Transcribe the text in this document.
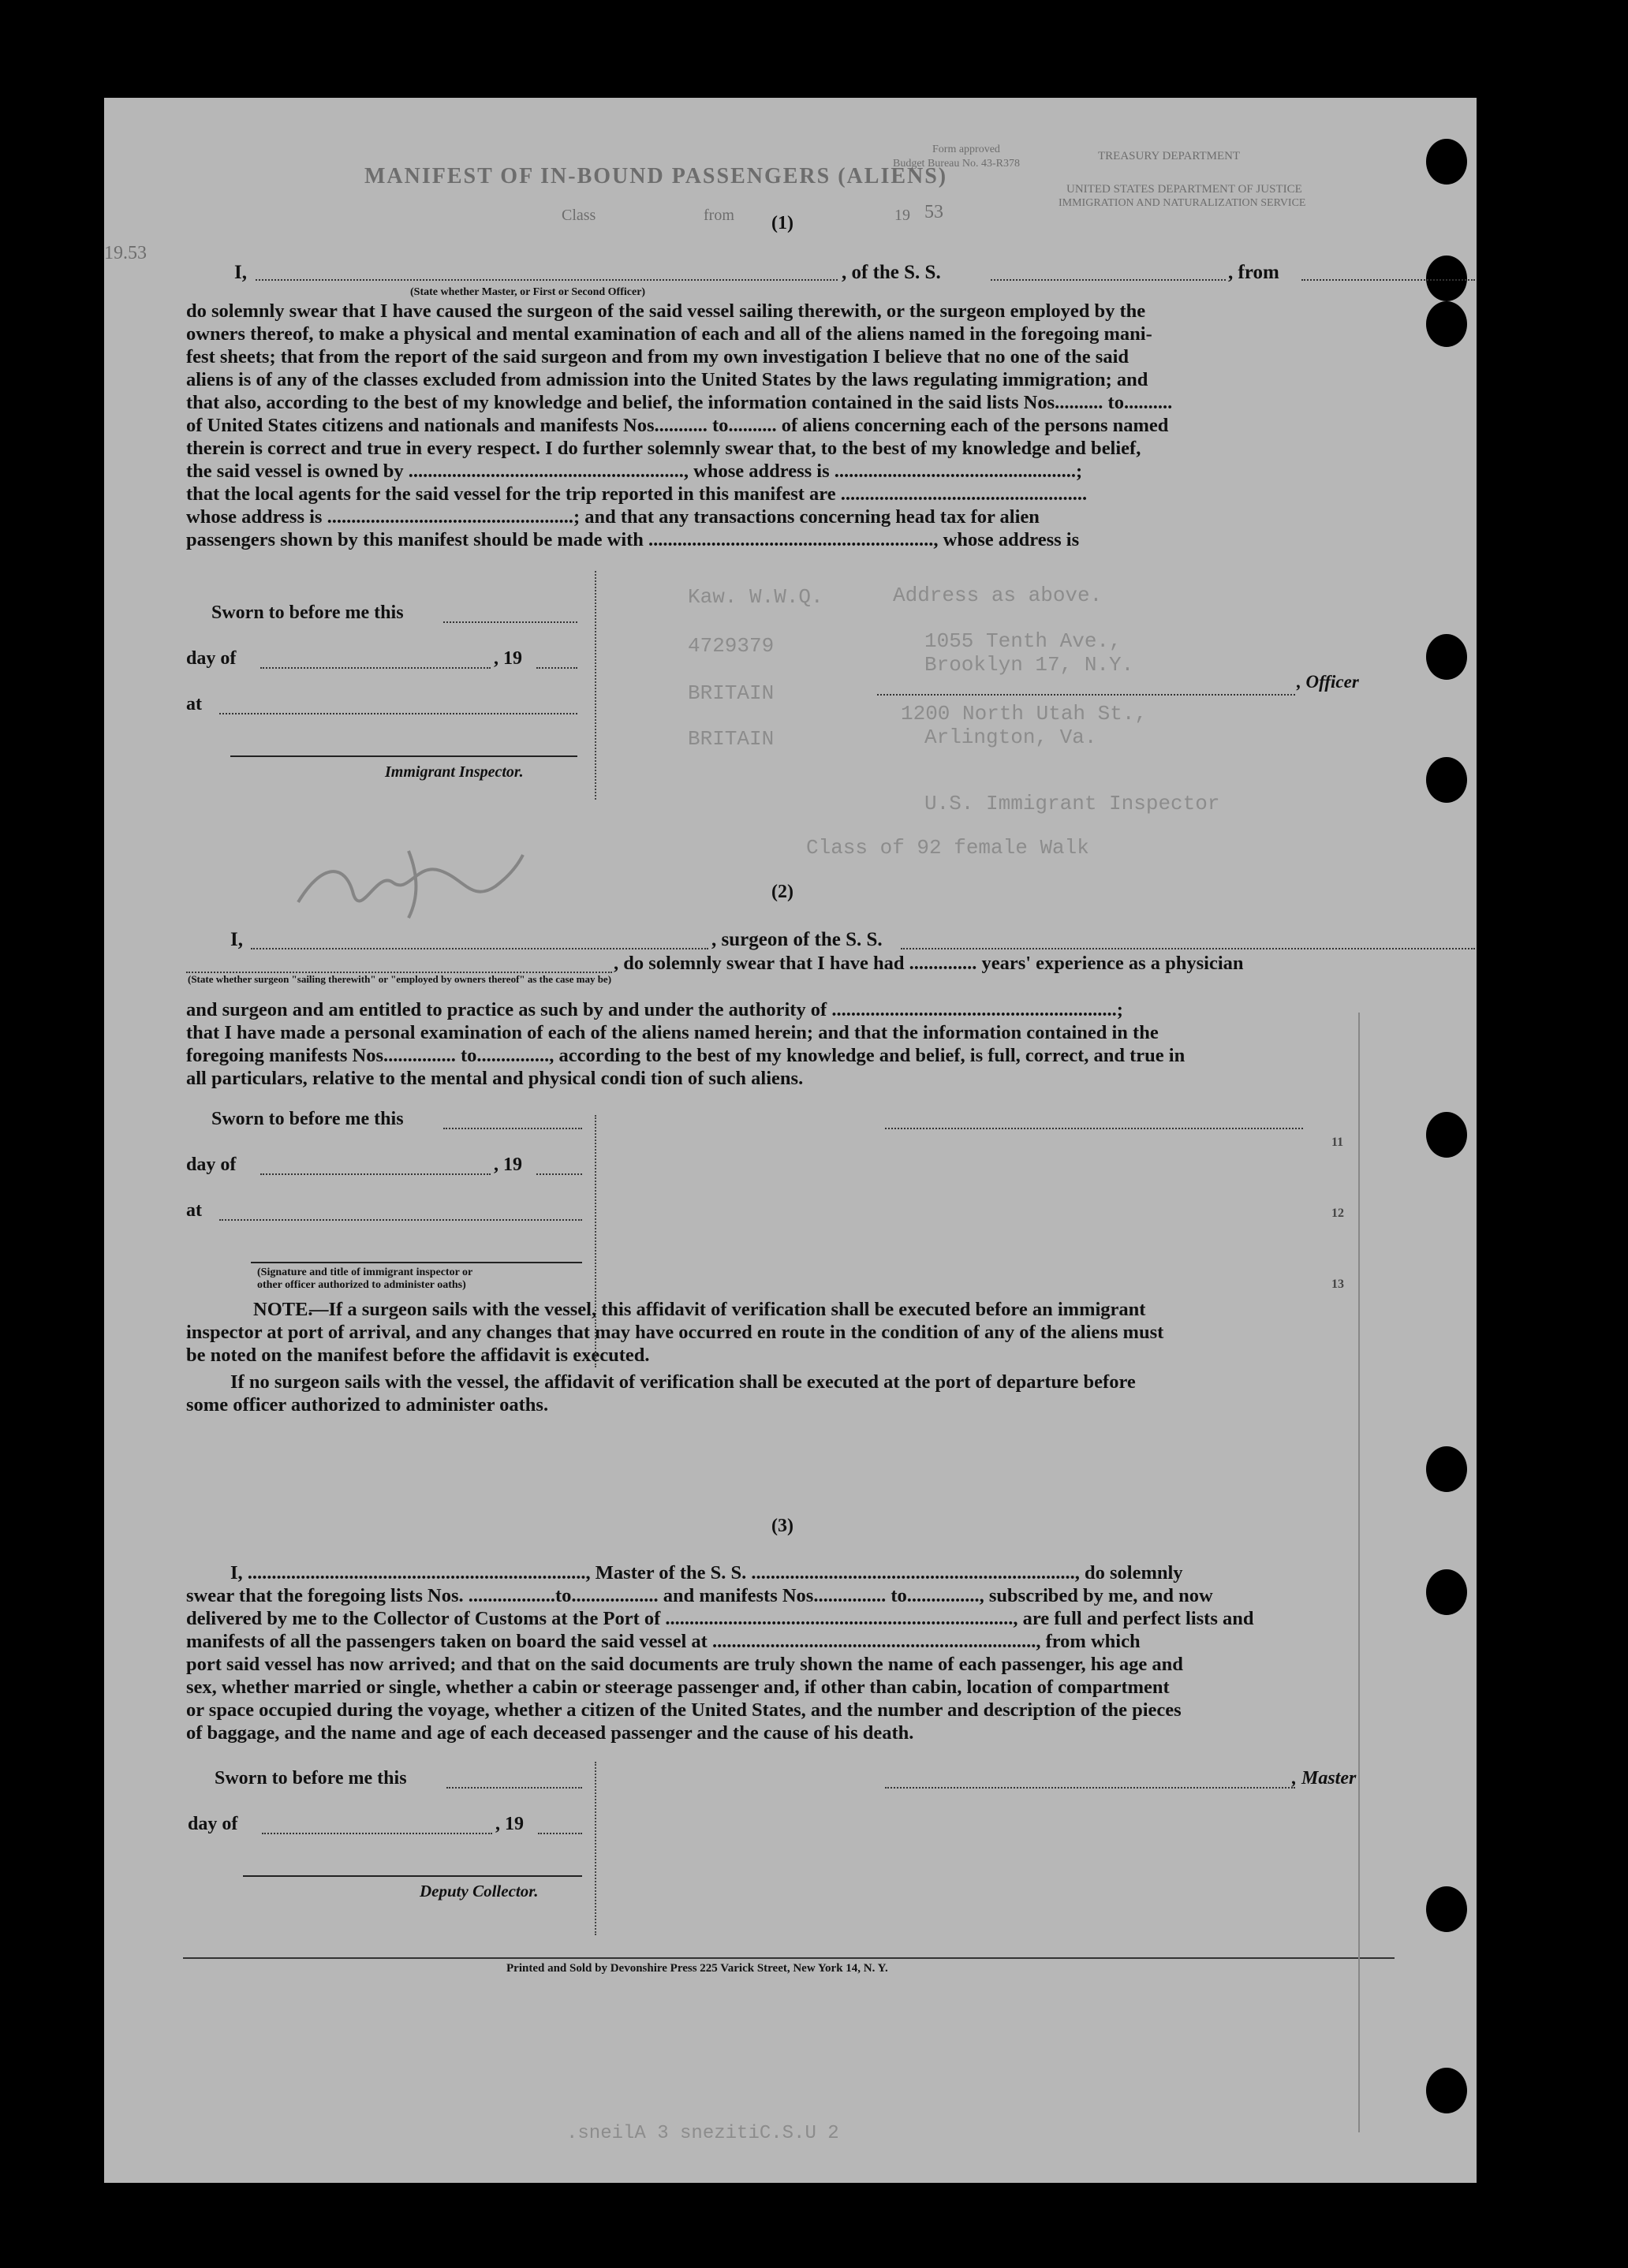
MANIFEST OF IN-BOUND PASSENGERS (ALIENS)
Class	from	19 53
19.53
Form approved
Budget Bureau No. 43-R378
TREASURY DEPARTMENT
UNITED STATES DEPARTMENT OF JUSTICE
IMMIGRATION AND NATURALIZATION SERVICE
(1)
I,	, of the S. S.	, from
(State whether Master, or First or Second Officer)
do solemnly swear that I have caused the surgeon of the said vessel sailing therewith, or the surgeon employed by the
owners thereof, to make a physical and mental examination of each and all of the aliens named in the foregoing mani-
fest sheets; that from the report of the said surgeon and from my own investigation I believe that no one of the said
aliens is of any of the classes excluded from admission into the United States by the laws regulating immigration; and
that also, according to the best of my knowledge and belief, the information contained in the said lists Nos.......... to..........
of United States citizens and nationals and manifests Nos........... to.......... of aliens concerning each of the persons named
therein is correct and true in every respect. I do further solemnly swear that, to the best of my knowledge and belief,
the said vessel is owned by ........................................................., whose address is ..................................................;
that the local agents for the said vessel for the trip reported in this manifest are ...................................................
whose address is ...................................................; and that any transactions concerning head tax for alien
passengers shown by this manifest should be made with ..........................................................., whose address is
Sworn to before me this
day of	, 19
at
Immigrant Inspector.
, Officer
Address as above.
1055 Tenth Ave.,
Brooklyn 17, N.Y.
1200 North Utah St.,
Arlington, Va.
U.S. Immigrant Inspector
Class of 92 female Walk
Kaw. W.W.Q.
4729379
BRITAIN
BRITAIN
(2)
I,	, surgeon of the S. S.
, do solemnly swear that I have had .............. years' experience as a physician
(State whether surgeon "sailing therewith" or "employed by owners thereof" as the case may be)
and surgeon and am entitled to practice as such by and under the authority of ...........................................................;
that I have made a personal examination of each of the aliens named herein; and that the information contained in the
foregoing manifests Nos............... to..............., according to the best of my knowledge and belief, is full, correct, and true in
all particulars, relative to the mental and physical condi tion of such aliens.
Sworn to before me this
day of	, 19
at
(Signature and title of immigrant inspector or
other officer authorized to administer oaths)
11
12
13
NOTE.
—If a surgeon sails with the vessel, this affidavit of verification shall be executed before an immigrant
inspector at port of arrival, and any changes that may have occurred en route in the condition of any of the aliens must
be noted on the manifest before the affidavit is executed.
If no surgeon sails with the vessel, the affidavit of verification shall be executed at the port of departure before
some officer authorized to administer oaths.
(3)
I, ......................................................................, Master of the S. S. ..................................................................., do solemnly
swear that the foregoing lists Nos. ..................to.................. and manifests Nos............... to..............., subscribed by me, and now
delivered by me to the Collector of Customs at the Port of ........................................................................, are full and perfect lists and
manifests of all the passengers taken on board the said vessel at ..................................................................., from which
port said vessel has now arrived; and that on the said documents are truly shown the name of each passenger, his age and
sex, whether married or single, whether a cabin or steerage passenger and, if other than cabin, location of compartment
or space occupied during the voyage, whether a citizen of the United States, and the number and description of the pieces
of baggage, and the name and age of each deceased passenger and the cause of his death.
Sworn to before me this
day of	, 19
Deputy Collector.
, Master
Printed and Sold by Devonshire Press 225 Varick Street, New York 14, N. Y.
2 U.S.Citizens 3 Aliens.
